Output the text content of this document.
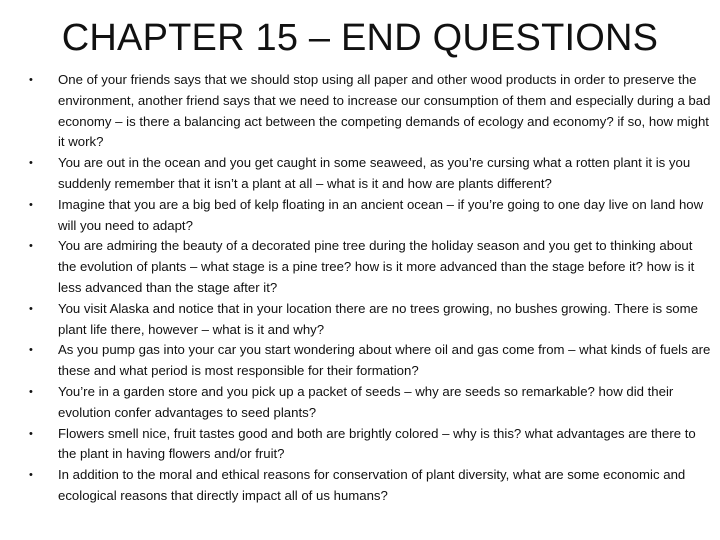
CHAPTER 15 – END QUESTIONS
•	One of your friends says that we should stop using all paper and other wood products in order to preserve the environment, another friend says that we need to increase our consumption of them and especially during a bad economy – is there a balancing act between the competing demands of ecology and economy? if so, how might it work?
•	You are out in the ocean and you get caught in some seaweed, as you’re cursing what a rotten plant it is you suddenly remember that it isn’t a plant at all – what is it and how are plants different?
•	Imagine that you are a big bed of kelp floating in an ancient ocean – if you’re going to one day live on land how will you need to adapt?
•	You are admiring the beauty of a decorated pine tree during the holiday season and you get to thinking about the evolution of plants – what stage is a pine tree? how is it more advanced than the stage before it? how is it less advanced than the stage after it?
•	You visit Alaska and notice that in your location there are no trees growing, no bushes growing. There is some plant life there, however – what is it and why?
•	As you pump gas into your car you start wondering about where oil and gas come from – what kinds of fuels are these and what period is most responsible for their formation?
•	You’re in a garden store and you pick up a packet of seeds – why are seeds so remarkable? how did their evolution confer advantages to seed plants?
•	Flowers smell nice, fruit tastes good and both are brightly colored – why is this? what advantages are there to the plant in having flowers and/or fruit?
•	In addition to the moral and ethical reasons for conservation of plant diversity, what are some economic and ecological reasons that directly impact all of us humans?
